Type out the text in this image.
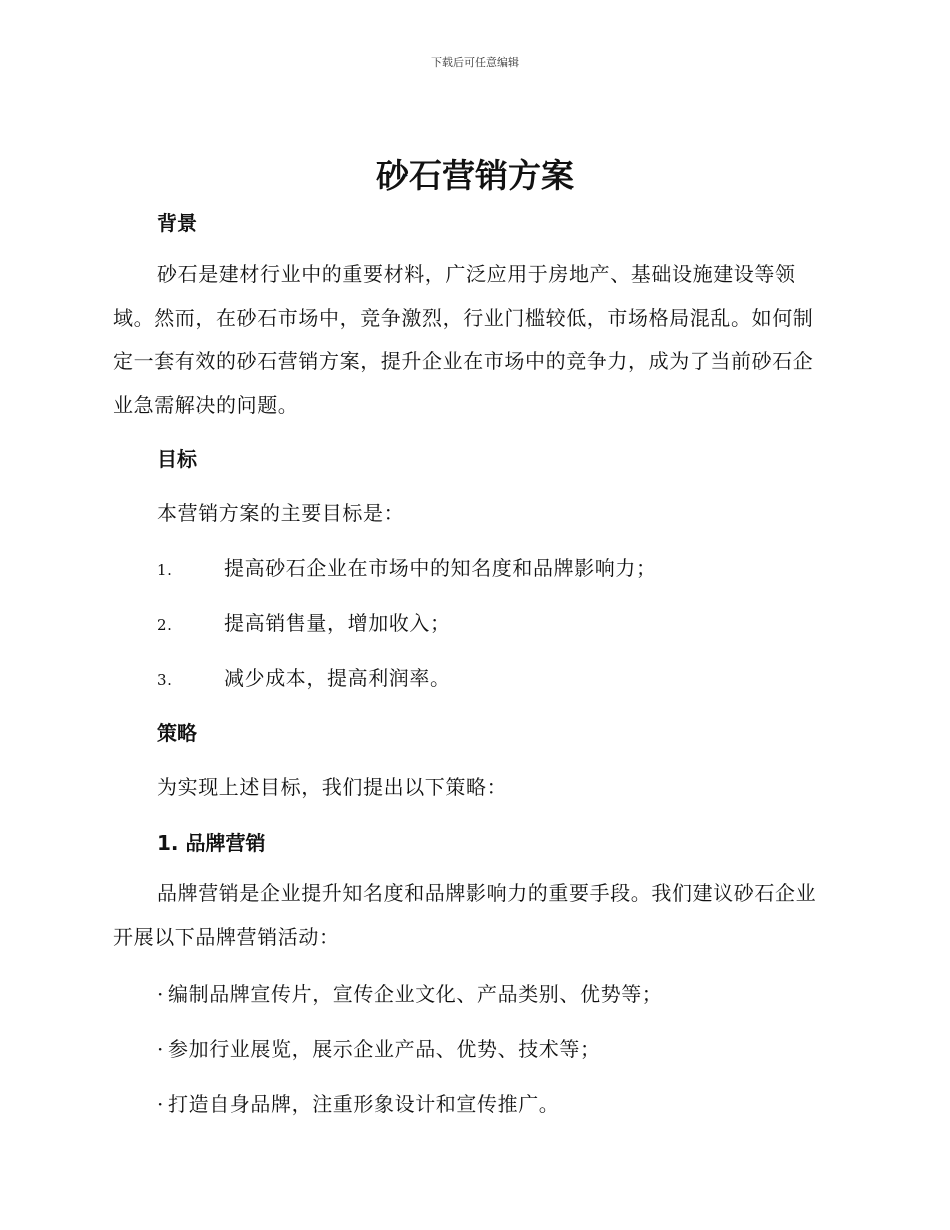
下载后可任意编辑
砂石营销方案
背景

砂石是建材行业中的重要材料，广泛应用于房地产、基础设施建设等领域。然而，在砂石市场中，竞争激烈，行业门槛较低，市场格局混乱。如何制定一套有效的砂石营销方案，提升企业在市场中的竞争力，成为了当前砂石企业急需解决的问题。

目标

本营销方案的主要目标是：

1.	提高砂石企业在市场中的知名度和品牌影响力；

2.	提高销售量，增加收入；

3.	减少成本，提高利润率。

策略

为实现上述目标，我们提出以下策略：

1. 品牌营销

品牌营销是企业提升知名度和品牌影响力的重要手段。我们建议砂石企业开展以下品牌营销活动：

· 编制品牌宣传片，宣传企业文化、产品类别、优势等；

· 参加行业展览，展示企业产品、优势、技术等；

· 打造自身品牌，注重形象设计和宣传推广。
